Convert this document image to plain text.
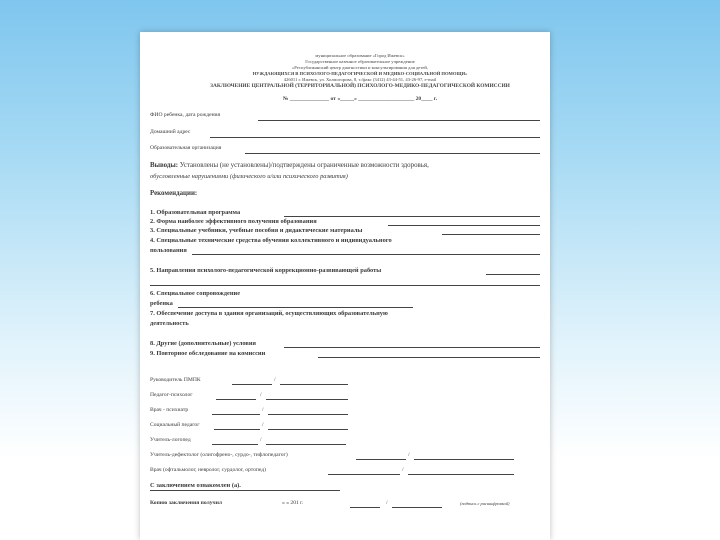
муниципальное образование «Город Ижевск»
Государственное казенное образовательное учреждение
«Республиканский центр диагностики и консультирования для детей,
НУЖДАЮЩИХСЯ В ПСИХОЛОГО-ПЕДАГОГИЧЕСКОЙ И МЕДИКО-СОЦИАЛЬНОЙ ПОМОЩИ»
426011 г. Ижевск, ул. Холмогорова, 8, т./факс (3412) 43-44-51, 43-26-97, e-mail
ЗАКЛЮЧЕНИЕ ЦЕНТРАЛЬНОЙ (ТЕРРИТОРИАЛЬНОЙ) ПСИХОЛОГО-МЕДИКО-ПЕДАГОГИЧЕСКОЙ КОМИССИИ
№ ______________ от «_____» ____________________ 20____ г.
ФИО ребенка, дата рождения
Домашний адрес
Образовательная организация
Выводы: Установлены (не установлены)/подтверждены ограниченные возможности здоровья,
обусловленные нарушениями (физического и/или психического развития)
Рекомендации:
1. Образовательная программа
2. Форма наиболее эффективного получения образования
3. Специальные учебники, учебные пособия и дидактические материалы
4. Специальные технические средства обучения коллективного и индивидуального
пользования
5. Направления психолого-педагогической коррекционно-развивающей работы
6. Специальное сопровождение
ребенка
7. Обеспечение доступа в здания организаций, осуществляющих образовательную
деятельность
8. Другие (дополнительные) условия
9. Повторное обследование на комиссии
Руководитель ПМПК	/
Педагог-психолог	/
Врач - психиатр	/
Социальный педагог	/
Учитель-логопед	/
Учитель-дефектолог (олигофрено-, сурдо-, тифлопедагог)	/
Врач (офтальмолог, невролог, сурдолог, ортопед)	/
С заключением ознакомлен (а).
Копию заключения получил	« » 201 г.	/	(подпись с расшифровкой)
